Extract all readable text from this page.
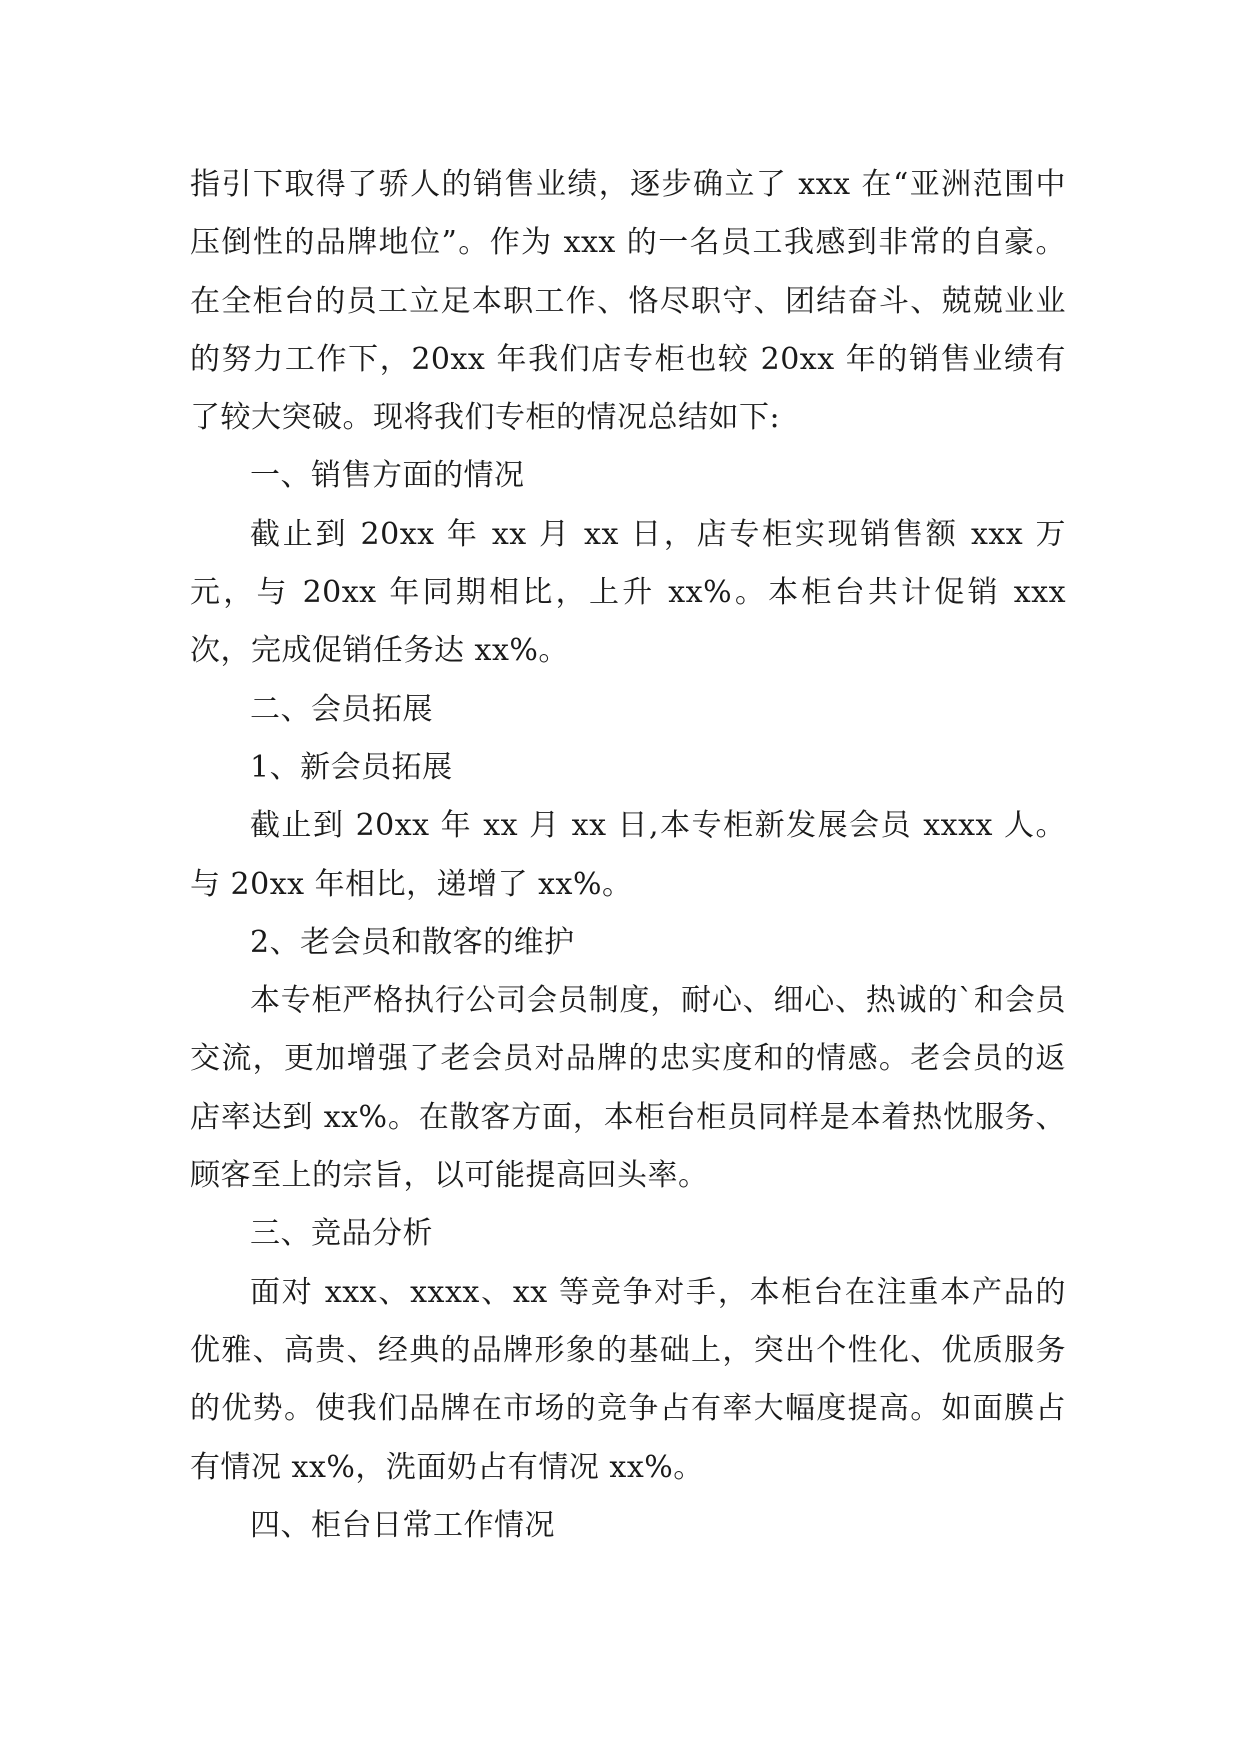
指引下取得了骄人的销售业绩，逐步确立了 xxx 在“亚洲范围中压倒性的品牌地位”。作为 xxx 的一名员工我感到非常的自豪。在全柜台的员工立足本职工作、恪尽职守、团结奋斗、兢兢业业的努力工作下，20xx 年我们店专柜也较 20xx 年的销售业绩有了较大突破。现将我们专柜的情况总结如下:

一、销售方面的情况

截止到 20xx 年 xx 月 xx 日，店专柜实现销售额 xxx 万元，与 20xx 年同期相比，上升 xx%。本柜台共计促销 xxx 次，完成促销任务达 xx%。

二、会员拓展

1、新会员拓展

截止到 20xx 年 xx 月 xx 日,本专柜新发展会员 xxxx 人。与 20xx 年相比，递增了 xx%。

2、老会员和散客的维护

本专柜严格执行公司会员制度，耐心、细心、热诚的`和会员交流，更加增强了老会员对品牌的忠实度和的情感。老会员的返店率达到 xx%。在散客方面，本柜台柜员同样是本着热忱服务、顾客至上的宗旨，以可能提高回头率。

三、竞品分析

面对 xxx、xxxx、xx 等竞争对手，本柜台在注重本产品的优雅、高贵、经典的品牌形象的基础上，突出个性化、优质服务的优势。使我们品牌在市场的竞争占有率大幅度提高。如面膜占有情况 xx%，洗面奶占有情况 xx%。

四、柜台日常工作情况
